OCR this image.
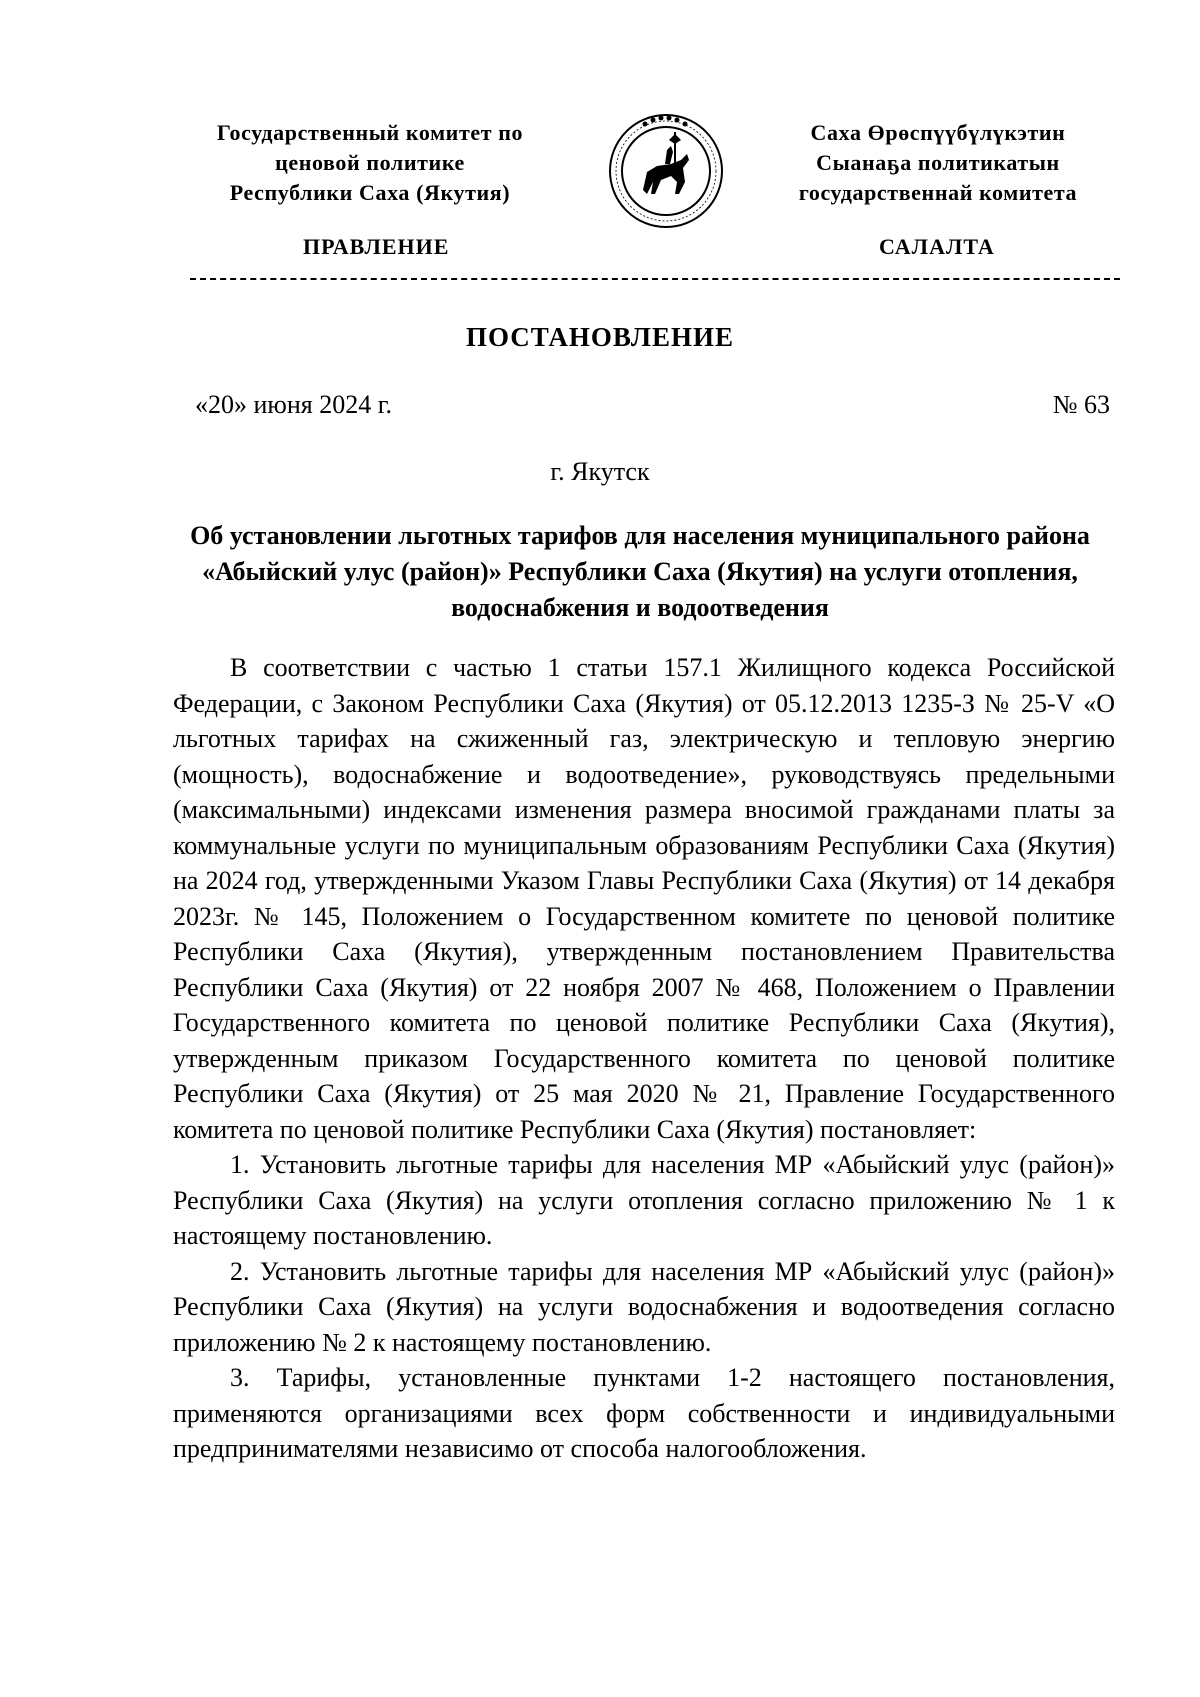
Государственный комитет по
ценовой политике
Республики Саха (Якутия)
Саха Өрөспүүбүлүкэтин
Сыанаҕа политикатын
государственнай комитета
ПРАВЛЕНИЕ	САЛАЛТА
ПОСТАНОВЛЕНИЕ
«20» июня 2024 г.	№ 63
г. Якутск
Об установлении льготных тарифов для населения муниципального района «Абыйский улус (район)» Республики Саха (Якутия) на услуги отопления, водоснабжения и водоотведения

В соответствии с частью 1 статьи 157.1 Жилищного кодекса Российской Федерации, с Законом Республики Саха (Якутия) от 05.12.2013 1235-З № 25-V «О льготных тарифах на сжиженный газ, электрическую и тепловую энергию (мощность), водоснабжение и водоотведение», руководствуясь предельными (максимальными) индексами изменения размера вносимой гражданами платы за коммунальные услуги по муниципальным образованиям Республики Саха (Якутия) на 2024 год, утвержденными Указом Главы Республики Саха (Якутия) от 14 декабря 2023г. № 145, Положением о Государственном комитете по ценовой политике Республики Саха (Якутия), утвержденным постановлением Правительства Республики Саха (Якутия) от 22 ноября 2007 № 468, Положением о Правлении Государственного комитета по ценовой политике Республики Саха (Якутия), утвержденным приказом Государственного комитета по ценовой политике Республики Саха (Якутия) от 25 мая 2020 № 21, Правление Государственного комитета по ценовой политике Республики Саха (Якутия) постановляет:

1. Установить льготные тарифы для населения МР «Абыйский улус (район)» Республики Саха (Якутия) на услуги отопления согласно приложению № 1 к настоящему постановлению.

2. Установить льготные тарифы для населения МР «Абыйский улус (район)» Республики Саха (Якутия) на услуги водоснабжения и водоотведения согласно приложению № 2 к настоящему постановлению.

3. Тарифы, установленные пунктами 1-2 настоящего постановления, применяются организациями всех форм собственности и индивидуальными предпринимателями независимо от способа налогообложения.
